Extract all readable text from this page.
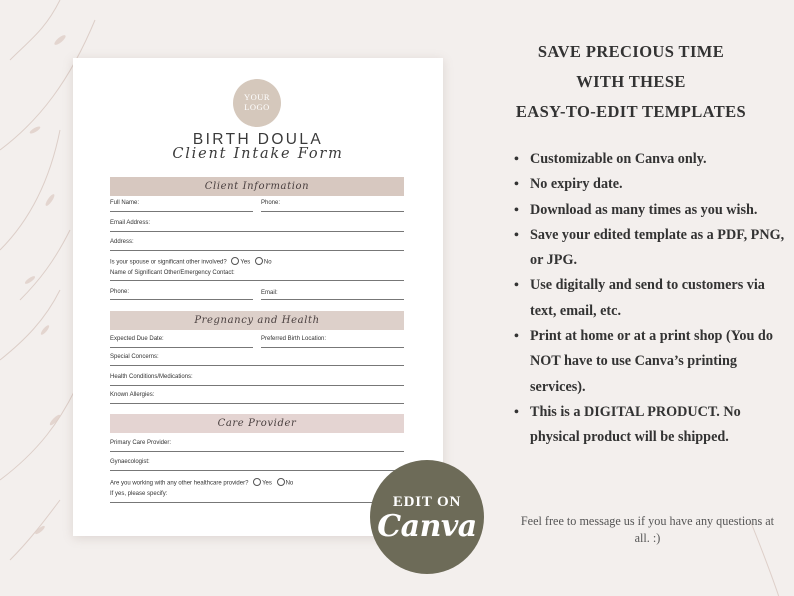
YOUR
LOGO
BIRTH DOULA
Client Intake Form
Client Information
Full Name:	Phone:
Email Address:
Address:
Is your spouse or significant other involved? Yes No
Name of Significant Other/Emergency Contact:
Phone:	Email:
Pregnancy and Health
Expected Due Date:	Preferred Birth Location:
Special Concerns:
Health Conditions/Medications:
Known Allergies:
Care Provider
Primary Care Provider:
Gynaecologist:
Are you working with any other healthcare provider? Yes No
If yes, please specify:	EDIT ON
Canva
SAVE PRECIOUS TIME
WITH THESE
EASY-TO-EDIT TEMPLATES
• Customizable on Canva only.
• No expiry date.
• Download as many times as you wish.
• Save your edited template as a PDF, PNG, or JPG.
• Use digitally and send to customers via text, email, etc.
• Print at home or at a print shop (You do NOT have to use Canva’s printing services).
• This is a DIGITAL PRODUCT. No physical product will be shipped.
Feel free to message us if you have any questions at all. :)
